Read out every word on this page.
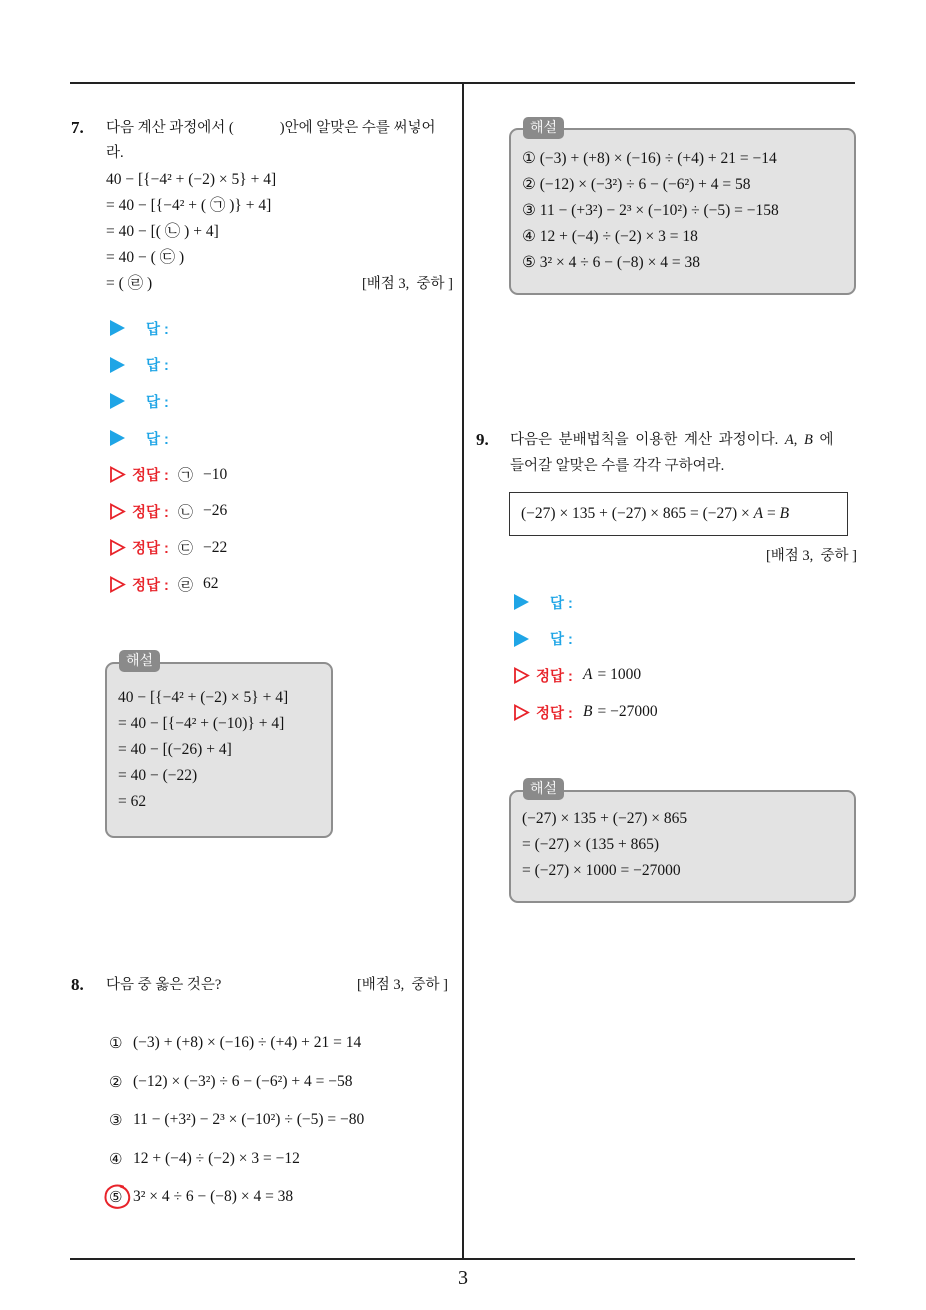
7. 다음 계산 과정에서 (	)안에 알맞은 수를 써넣어
라.
40 − [{−4² + (−2) × 5} + 4]
= 40 − [{−4² + ( ㉠ )} + 4]
= 40 − [( ㉡ ) + 4]
= 40 − ( ㉢ )
= ( ㉣ )	[배점 3,  중하 ]
답 :
답 :
답 :
답 :
정답 : ㉠ −10
정답 : ㉡ −26
정답 : ㉢ −22
정답 : ㉣ 62
해설
40 − [{−4² + (−2) × 5} + 4]
= 40 − [{−4² + (−10)} + 4]
= 40 − [(−26) + 4]
= 40 − (−22)
= 62
8. 다음 중 옳은 것은?	[배점 3,  중하 ]
① (−3) + (+8) × (−16) ÷ (+4) + 21 = 14
② (−12) × (−3²) ÷ 6 − (−6²) + 4 = −58
③ 11 − (+3²) − 2³ × (−10²) ÷ (−5) = −80
④ 12 + (−4) ÷ (−2) × 3 = −12
⑤ 3² × 4 ÷ 6 − (−8) × 4 = 38
해설
① (−3) + (+8) × (−16) ÷ (+4) + 21 = −14
② (−12) × (−3²) ÷ 6 − (−6²) + 4 = 58
③ 11 − (+3²) − 2³ × (−10²) ÷ (−5) = −158
④ 12 + (−4) ÷ (−2) × 3 = 18
⑤ 3² × 4 ÷ 6 − (−8) × 4 = 38
9. 다음은 분배법칙을 이용한 계산 과정이다. A, B 에
들어갈 알맞은 수를 각각 구하여라.
(−27) × 135 + (−27) × 865 = (−27) × A = B
[배점 3,  중하 ]
답 :
답 :
정답 : A = 1000
정답 : B = −27000
해설
(−27) × 135 + (−27) × 865
= (−27) × (135 + 865)
= (−27) × 1000 = −27000
3
